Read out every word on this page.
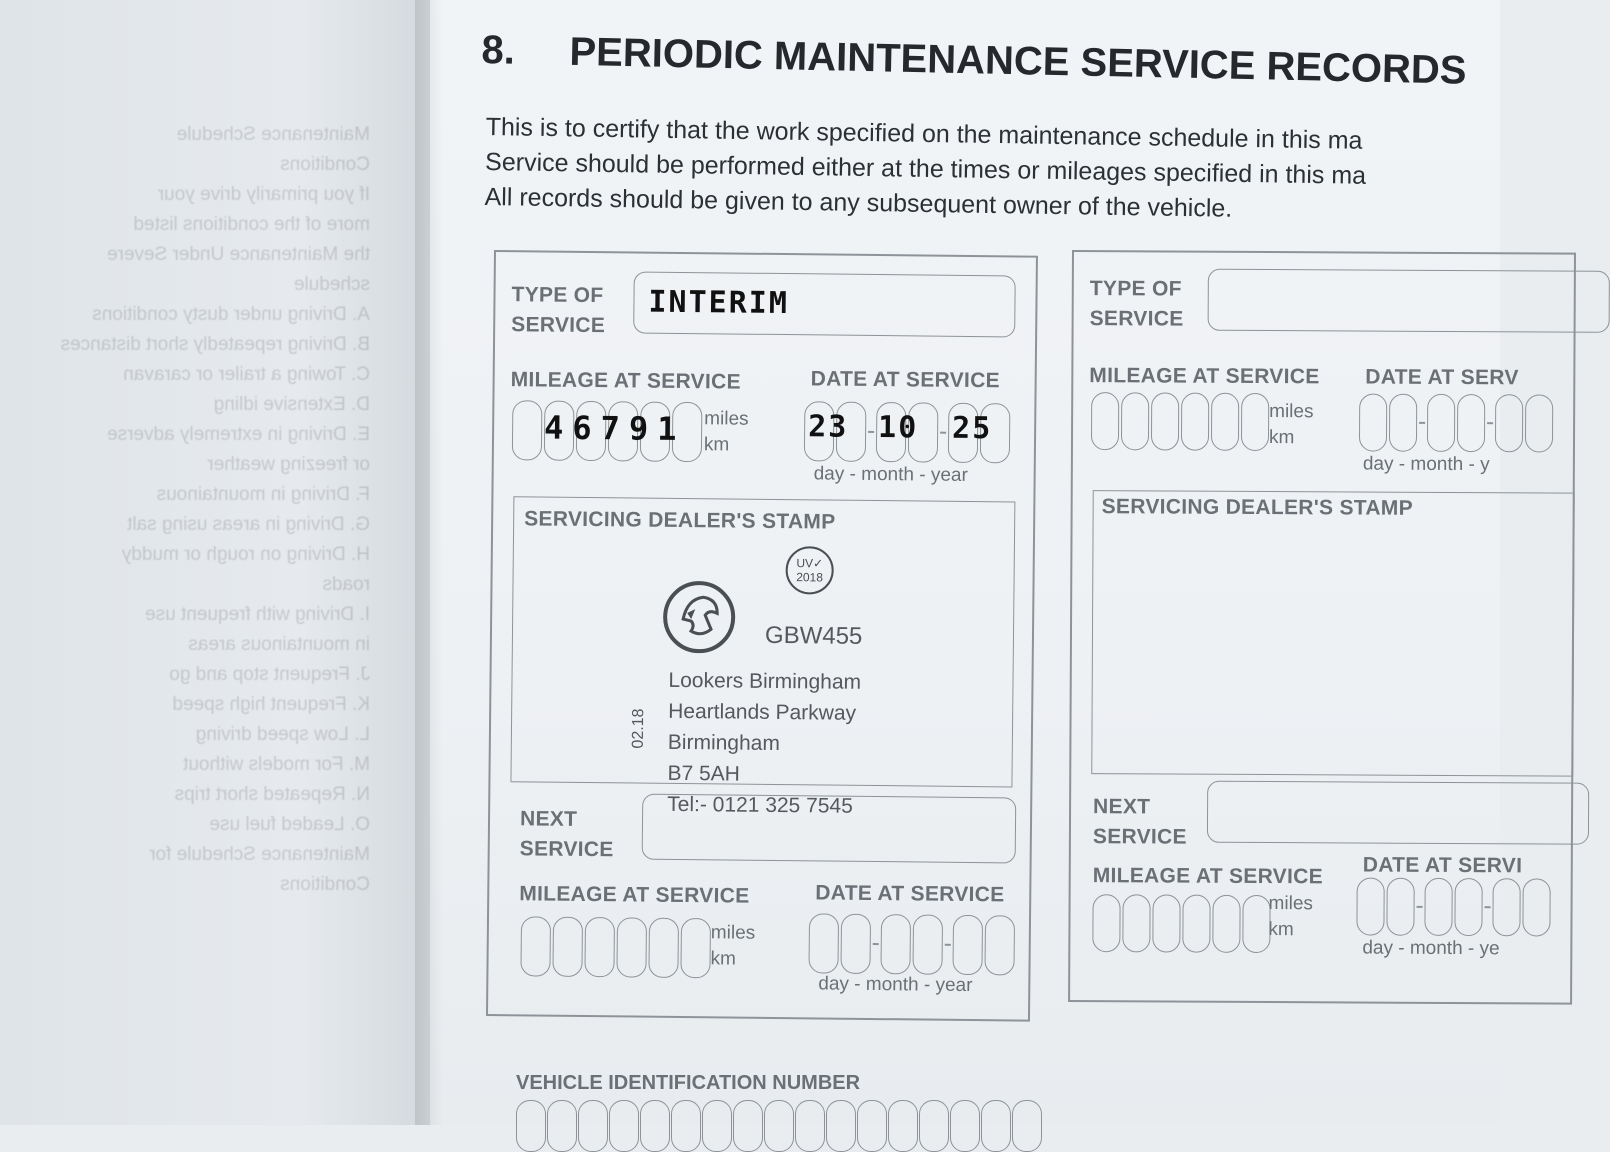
Maintenance Schedule
Conditions
If you primarily drive your
more of the conditions listed
the Maintenance Under Severe
schedule
A. Driving under dusty conditions
B. Driving repeatedly short distances
C. Towing a trailer or caravan
D. Extensive idling
E. Driving in extremely adverse
or freezing weather
F. Driving in mountainous
G. Driving in areas using salt
H. Driving on rough or muddy
roads
I. Driving with frequent use
in mountainous areas
J. Frequent stop and go
K. Frequent high speed
L. Low speed driving
M. For models without
N. Repeated short trips
O. Leaded fuel use
Maintenance Schedule for
Conditions
8. PERIODIC MAINTENANCE SERVICE RECORDS
This is to certify that the work specified on the maintenance schedule in this ma
Service should be performed either at the times or mileages specified in this ma
All records should be given to any subsequent owner of the vehicle.
TYPE OF
SERVICE
INTERIM
MILEAGE AT SERVICE	DATE AT SERVICE
46791 miles
km
23 10 25
day - month - year
SERVICING DEALER'S STAMP
UV✓
2018
GBW455
Lookers Birmingham
Heartlands Parkway
Birmingham
B7 5AH
Tel:- 0121 325 7545
02.18
NEXT
SERVICE
MILEAGE AT SERVICE	DATE AT SERVICE
miles
km
day - month - year
TYPE OF
SERVICE
MILEAGE AT SERVICE DATE AT SERV
miles
km
day - month - y
SERVICING DEALER'S STAMP
NEXT
SERVICE
MILEAGE AT SERVICE DATE AT SERVI
miles
km
day - month - ye
VEHICLE IDENTIFICATION NUMBER
